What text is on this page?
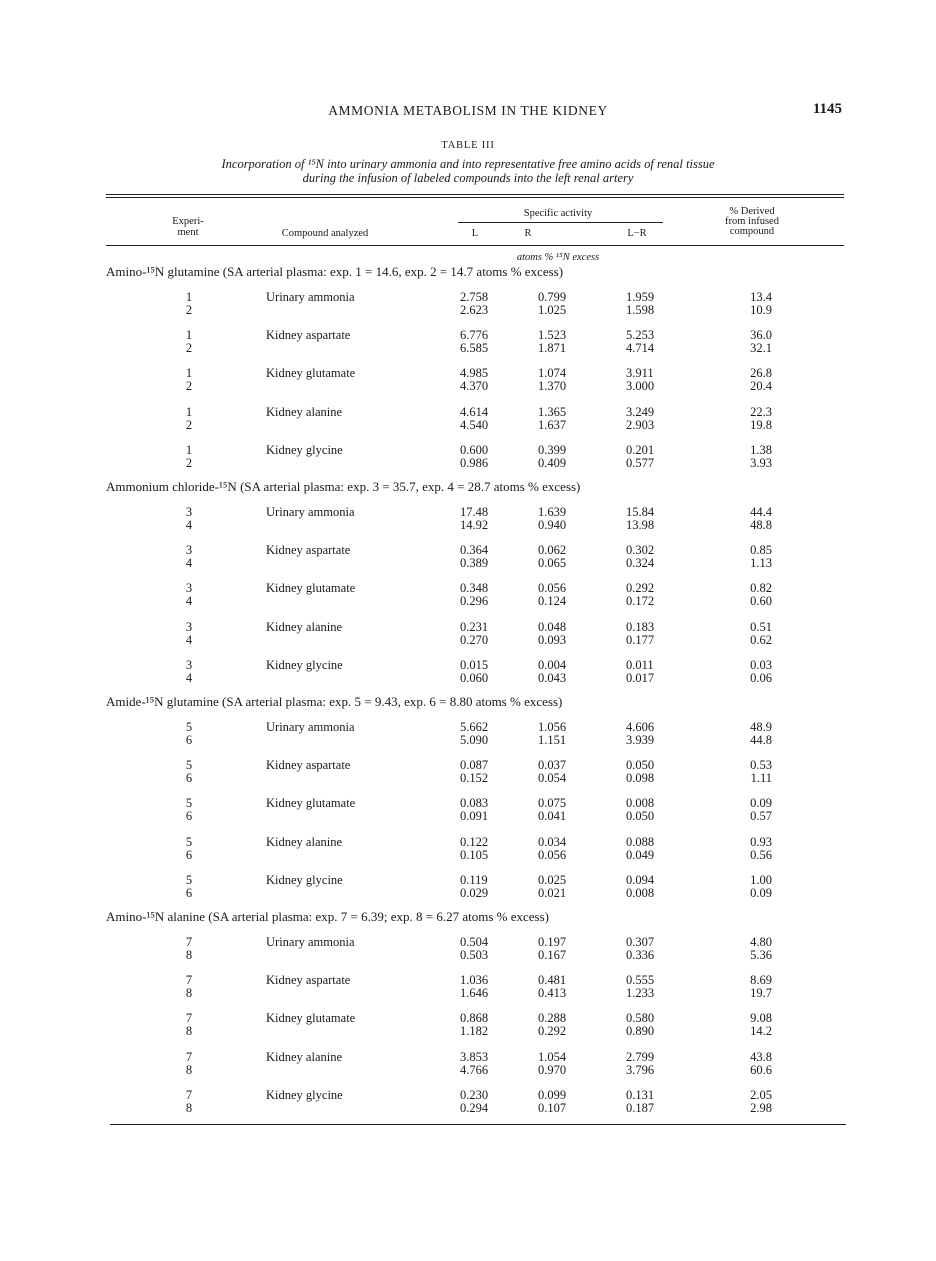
AMMONIA METABOLISM IN THE KIDNEY	1145
TABLE III
Incorporation of ¹⁵N into urinary ammonia and into representative free amino acids of renal tissue
during the infusion of labeled compounds into the left renal artery
Experi-
ment	Compound analyzed
Specific activity
L	R	L−R
% Derived
from infused
compound
atoms % ¹⁵N excess
Amino-¹⁵N glutamine (SA arterial plasma: exp. 1 = 14.6, exp. 2 = 14.7 atoms % excess)
Urinary ammonia
1	2.758	0.799	1.959	13.4
2	2.623	1.025	1.598	10.9
Kidney aspartate
1	6.776	1.523	5.253	36.0
2	6.585	1.871	4.714	32.1
Kidney glutamate
1	4.985	1.074	3.911	26.8
2	4.370	1.370	3.000	20.4
Kidney alanine
1	4.614	1.365	3.249	22.3
2	4.540	1.637	2.903	19.8
Kidney glycine
1	0.600	0.399	0.201	1.38
2	0.986	0.409	0.577	3.93
Ammonium chloride-¹⁵N (SA arterial plasma: exp. 3 = 35.7, exp. 4 = 28.7 atoms % excess)
Urinary ammonia
3	17.48	1.639	15.84	44.4
4	14.92	0.940	13.98	48.8
Kidney aspartate
3	0.364	0.062	0.302	0.85
4	0.389	0.065	0.324	1.13
Kidney glutamate
3	0.348	0.056	0.292	0.82
4	0.296	0.124	0.172	0.60
Kidney alanine
3	0.231	0.048	0.183	0.51
4	0.270	0.093	0.177	0.62
Kidney glycine
3	0.015	0.004	0.011	0.03
4	0.060	0.043	0.017	0.06
Amide-¹⁵N glutamine (SA arterial plasma: exp. 5 = 9.43, exp. 6 = 8.80 atoms % excess)
Urinary ammonia
5	5.662	1.056	4.606	48.9
6	5.090	1.151	3.939	44.8
Kidney aspartate
5	0.087	0.037	0.050	0.53
6	0.152	0.054	0.098	1.11
Kidney glutamate
5	0.083	0.075	0.008	0.09
6	0.091	0.041	0.050	0.57
Kidney alanine
5	0.122	0.034	0.088	0.93
6	0.105	0.056	0.049	0.56
Kidney glycine
5	0.119	0.025	0.094	1.00
6	0.029	0.021	0.008	0.09
Amino-¹⁵N alanine (SA arterial plasma: exp. 7 = 6.39; exp. 8 = 6.27 atoms % excess)
Urinary ammonia
7	0.504	0.197	0.307	4.80
8	0.503	0.167	0.336	5.36
Kidney aspartate
7	1.036	0.481	0.555	8.69
8	1.646	0.413	1.233	19.7
Kidney glutamate
7	0.868	0.288	0.580	9.08
8	1.182	0.292	0.890	14.2
Kidney alanine
7	3.853	1.054	2.799	43.8
8	4.766	0.970	3.796	60.6
Kidney glycine
7	0.230	0.099	0.131	2.05
8	0.294	0.107	0.187	2.98
